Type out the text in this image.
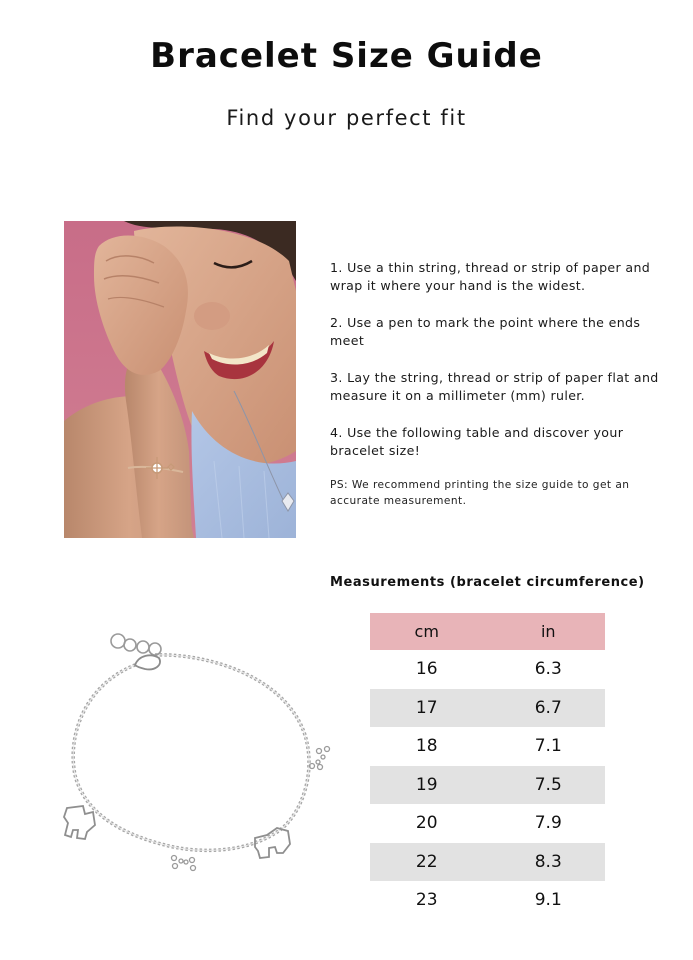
Bracelet Size Guide
Find your perfect fit

1. Use a thin string, thread or strip of paper and wrap it where your hand is the widest.

2. Use a pen to mark the point where the ends meet

3. Lay the string, thread or strip of paper flat and measure it on a millimeter (mm) ruler.

4. Use the following table and discover your bracelet size!

PS: We recommend printing the size guide to get an accurate measurement.

Measurements (bracelet circumference)
cm	in
16	6.3
17	6.7
18	7.1
19	7.5
20	7.9
22	8.3
23	9.1
